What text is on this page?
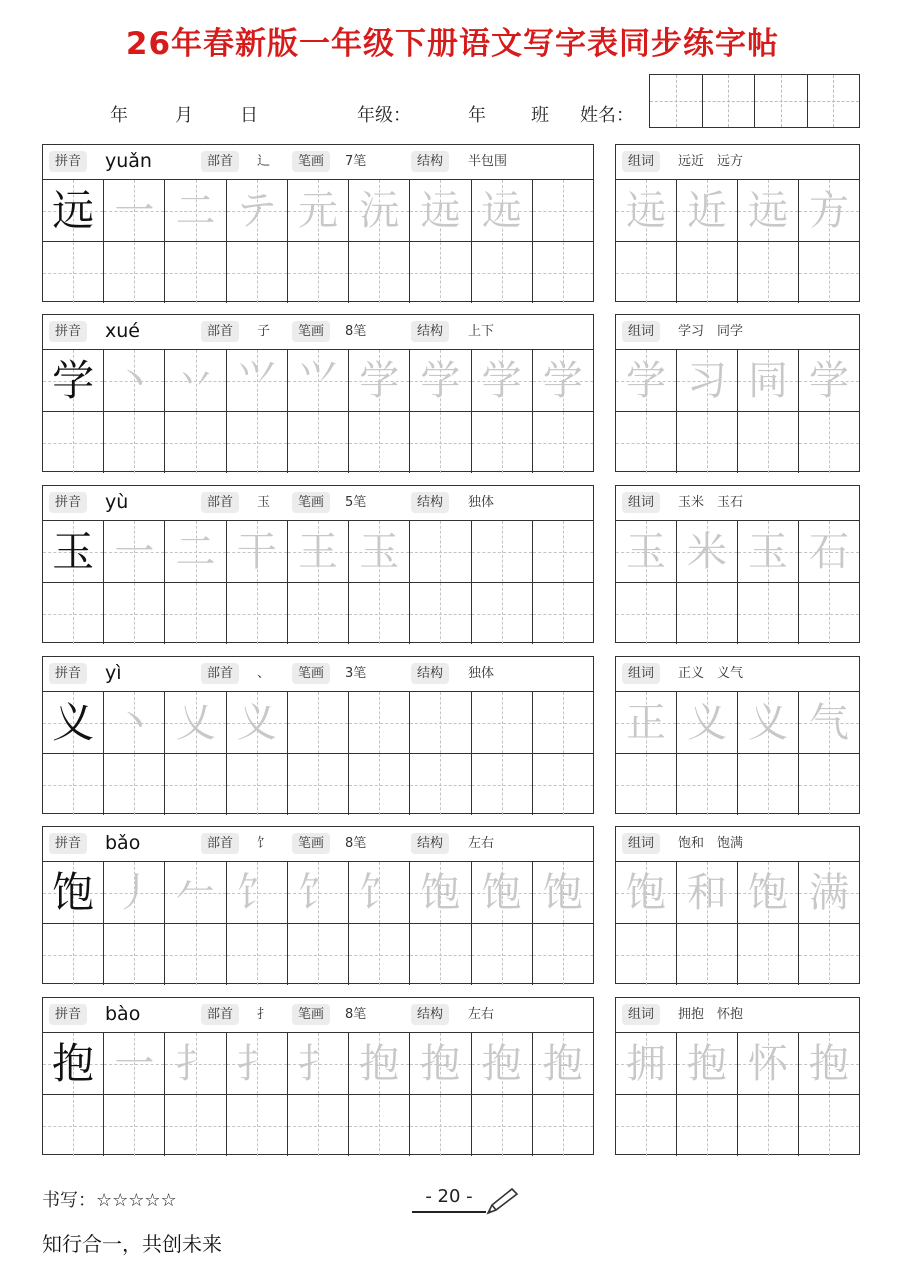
26年春新版一年级下册语文写字表同步练字帖
年	月	日	年级：	年	班 姓名：
拼音	yuǎn	部首	辶	笔画	7笔	结构	半包围
远 一 二 テ 元 沅 远 远
组词	远近　远方
远 近 远 方
拼音	xué	部首	子	笔画	8笔	结构	上下
学 丶 丷 ⺍ ⺍ 学 学 学 学
组词	学习　同学
学 习 同 学
拼音	yù	部首	玉	笔画	5笔	结构	独体
玉 一 二 干 王 玉
组词	玉米　玉石
玉 米 玉 石
拼音	yì	部首	、	笔画	3笔	结构	独体
义 丶 乂 义
组词	正义　义气
正 义 义 气
拼音	bǎo	部首	饣	笔画	8笔	结构	左右
饱 丿 𠂉 饣 饣 饣 饱 饱 饱
组词	饱和　饱满
饱 和 饱 满
拼音	bào	部首	扌	笔画	8笔	结构	左右
抱 一 扌 扌 扌 抱 抱 抱 抱
组词	拥抱　怀抱
拥 抱 怀 抱
书写：☆☆☆☆☆	- 20 -
知行合一，共创未来
